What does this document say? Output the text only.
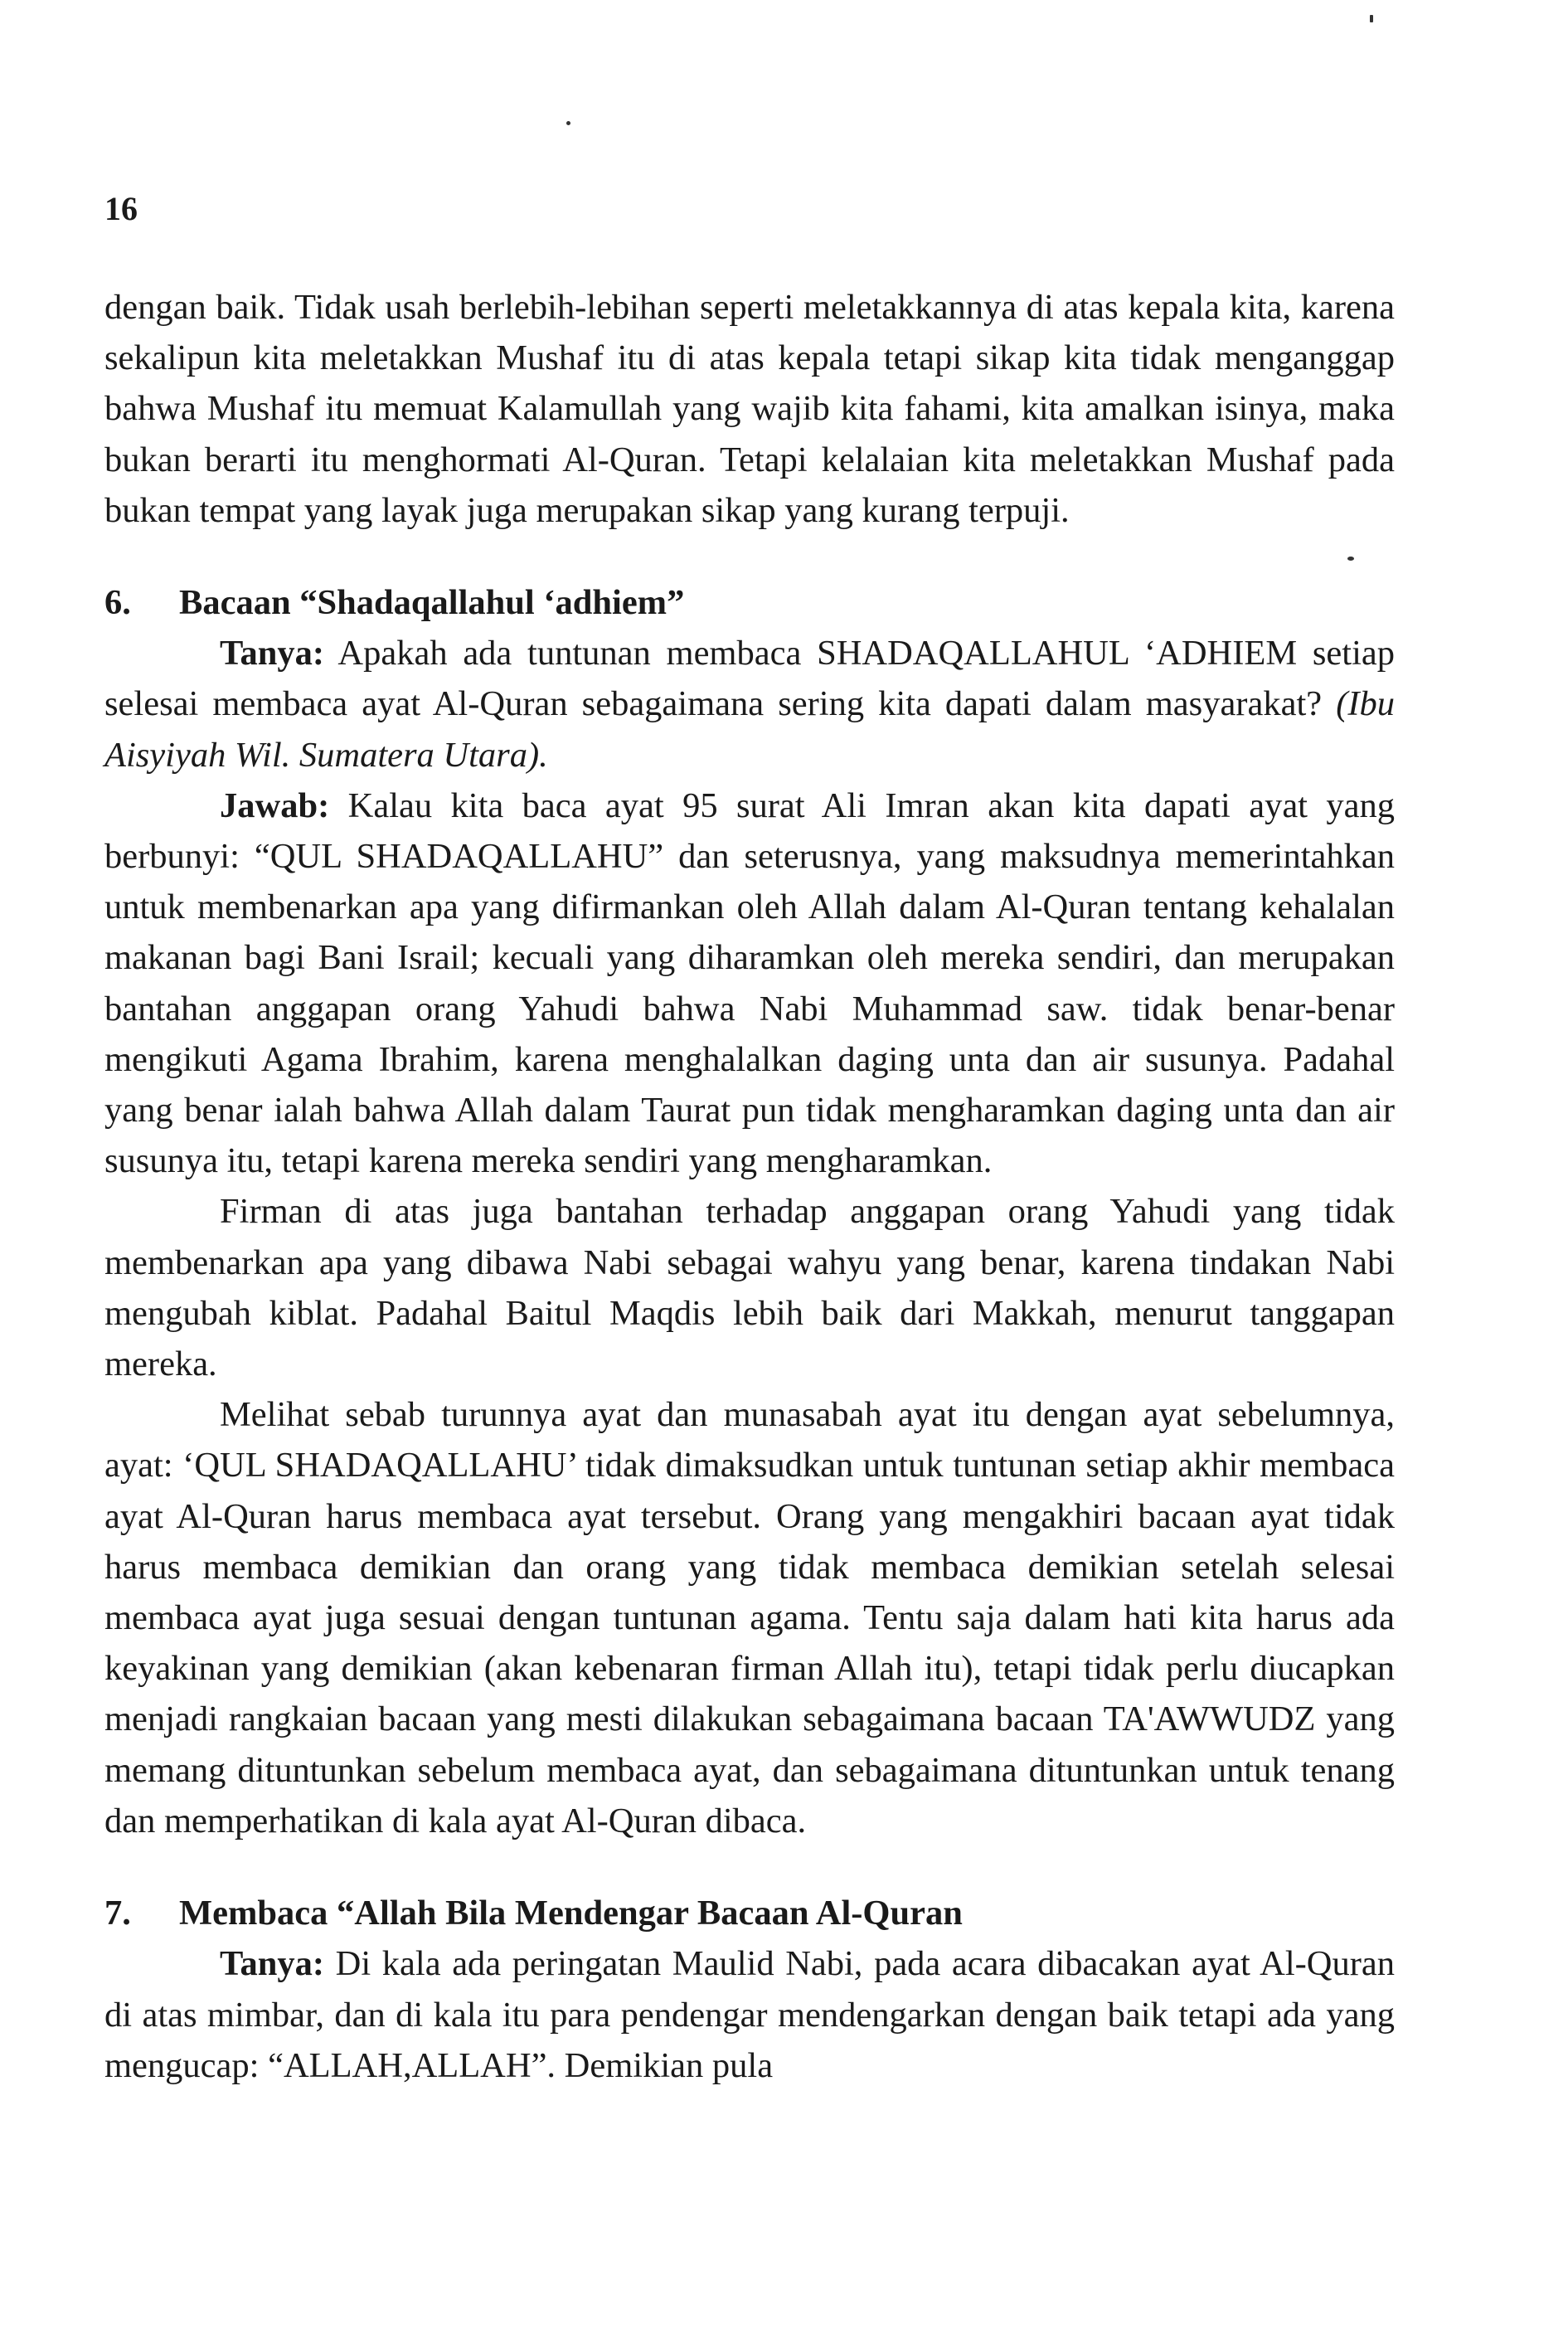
16

dengan baik. Tidak usah berlebih-lebihan seperti meletakkannya di atas kepala kita, karena sekalipun kita meletakkan Mushaf itu di atas kepala tetapi sikap kita tidak menganggap bahwa Mushaf itu memuat Kalamullah yang wajib kita fahami, kita amalkan isinya, maka bukan berarti itu menghormati Al-Quran. Tetapi kelalaian kita meletakkan Mushaf pada bukan tempat yang layak juga merupakan sikap yang kurang terpuji.

6. Bacaan “Shadaqallahul ‘adhiem”

Tanya: Apakah ada tuntunan membaca SHADAQALLAHUL ‘ADHIEM setiap selesai membaca ayat Al-Quran sebagaimana sering kita dapati dalam masyarakat? (Ibu Aisyiyah Wil. Sumatera Utara).

Jawab: Kalau kita baca ayat 95 surat Ali Imran akan kita dapati ayat yang berbunyi: “QUL SHADAQALLAHU” dan seterusnya, yang maksudnya memerintahkan untuk membenarkan apa yang difirmankan oleh Allah dalam Al-Quran tentang kehalalan makanan bagi Bani Israil; kecuali yang diharamkan oleh mereka sendiri, dan merupakan bantahan anggapan orang Yahudi bahwa Nabi Muhammad saw. tidak benar-benar mengikuti Agama Ibrahim, karena menghalalkan daging unta dan air susunya. Padahal yang benar ialah bahwa Allah dalam Taurat pun tidak mengharamkan daging unta dan air susunya itu, tetapi karena mereka sendiri yang mengharamkan.

Firman di atas juga bantahan terhadap anggapan orang Yahudi yang tidak membenarkan apa yang dibawa Nabi sebagai wahyu yang benar, karena tindakan Nabi mengubah kiblat. Padahal Baitul Maqdis lebih baik dari Makkah, menurut tanggapan mereka.

Melihat sebab turunnya ayat dan munasabah ayat itu dengan ayat sebelumnya, ayat: ‘QUL SHADAQALLAHU’ tidak dimaksudkan untuk tuntunan setiap akhir membaca ayat Al-Quran harus membaca ayat tersebut. Orang yang mengakhiri bacaan ayat tidak harus membaca demikian dan orang yang tidak membaca demikian setelah selesai membaca ayat juga sesuai dengan tuntunan agama. Tentu saja dalam hati kita harus ada keyakinan yang demikian (akan kebenaran firman Allah itu), tetapi tidak perlu diucapkan menjadi rangkaian bacaan yang mesti dilakukan sebagaimana bacaan TA'AWWUDZ yang memang dituntunkan sebelum membaca ayat, dan sebagaimana dituntunkan untuk tenang dan memperhatikan di kala ayat Al-Quran dibaca.

7. Membaca “Allah Bila Mendengar Bacaan Al-Quran

Tanya: Di kala ada peringatan Maulid Nabi, pada acara dibacakan ayat Al-Quran di atas mimbar, dan di kala itu para pendengar mendengarkan dengan baik tetapi ada yang mengucap: “ALLAH,ALLAH”. Demikian pula
